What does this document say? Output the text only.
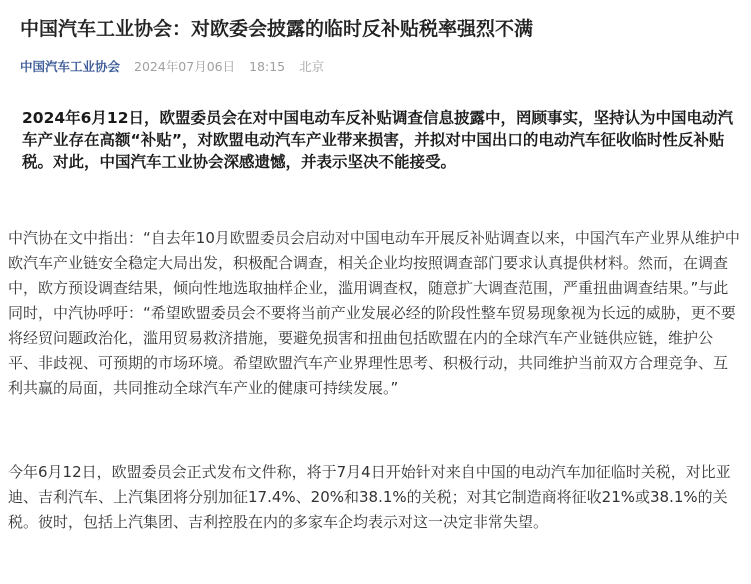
中国汽车工业协会：对欧委会披露的临时反补贴税率强烈不满
中国汽车工业协会 2024年07月06日 18:15 北京

2024年6月12日，欧盟委员会在对中国电动车反补贴调查信息披露中，罔顾事实，坚持认为中国电动汽车产业存在高额“补贴”，对欧盟电动汽车产业带来损害，并拟对中国出口的电动汽车征收临时性反补贴税。对此，中国汽车工业协会深感遗憾，并表示坚决不能接受。

中汽协在文中指出：“自去年10月欧盟委员会启动对中国电动车开展反补贴调查以来，中国汽车产业界从维护中欧汽车产业链安全稳定大局出发，积极配合调查，相关企业均按照调查部门要求认真提供材料。然而，在调查中，欧方预设调查结果，倾向性地选取抽样企业，滥用调查权，随意扩大调查范围，严重扭曲调查结果。”与此同时，中汽协呼吁：“希望欧盟委员会不要将当前产业发展必经的阶段性整车贸易现象视为长远的威胁，更不要将经贸问题政治化，滥用贸易救济措施，要避免损害和扭曲包括欧盟在内的全球汽车产业链供应链，维护公平、非歧视、可预期的市场环境。希望欧盟汽车产业界理性思考、积极行动，共同维护当前双方合理竞争、互利共赢的局面，共同推动全球汽车产业的健康可持续发展。”

今年6月12日，欧盟委员会正式发布文件称，将于7月4日开始针对来自中国的电动汽车加征临时关税，对比亚迪、吉利汽车、上汽集团将分别加征17.4%、20%和38.1%的关税；对其它制造商将征收21%或38.1%的关税。彼时，包括上汽集团、吉利控股在内的多家车企均表示对这一决定非常失望。
